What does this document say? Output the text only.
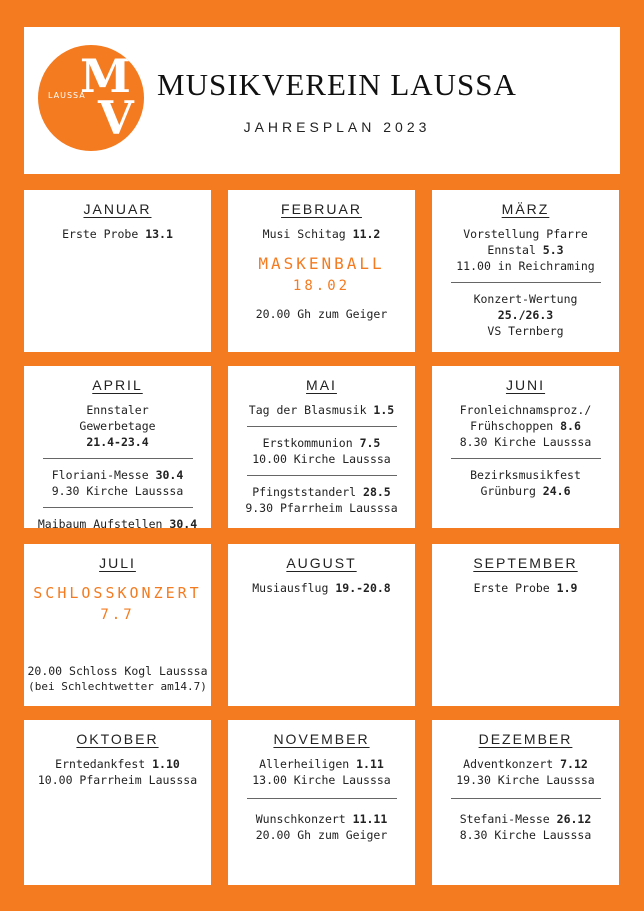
M
V
LAUSSA MUSIKVEREIN LAUSSA
JAHRESPLAN 2023
JANUAR
Erste Probe 13.1
FEBRUAR
Musi Schitag 11.2
MASKENBALL
18.02
20.00 Gh zum Geiger
MÄRZ
Vorstellung Pfarre
Ennstal 5.3
11.00 in Reichraming
Konzert-Wertung
25./26.3
VS Ternberg
APRIL
Ennstaler
Gewerbetage
21.4-23.4
Floriani-Messe 30.4
9.30 Kirche Lausssa
Maibaum Aufstellen 30.4
MAI
Tag der Blasmusik 1.5
Erstkommunion 7.5
10.00 Kirche Lausssa
Pfingststanderl 28.5
9.30 Pfarrheim Lausssa
JUNI
Fronleichnamsproz./
Frühschoppen 8.6
8.30 Kirche Lausssa
Bezirksmusikfest
Grünburg 24.6
JULI
SCHLOSSKONZERT
7.7
20.00 Schloss Kogl Lausssa
(bei Schlechtwetter am14.7)
AUGUST
Musiausflug 19.-20.8
SEPTEMBER
Erste Probe 1.9
OKTOBER
Erntedankfest 1.10
10.00 Pfarrheim Lausssa
NOVEMBER
Allerheiligen 1.11
13.00 Kirche Lausssa
Wunschkonzert 11.11
20.00 Gh zum Geiger
DEZEMBER
Adventkonzert 7.12
19.30 Kirche Lausssa
Stefani-Messe 26.12
8.30 Kirche Lausssa
